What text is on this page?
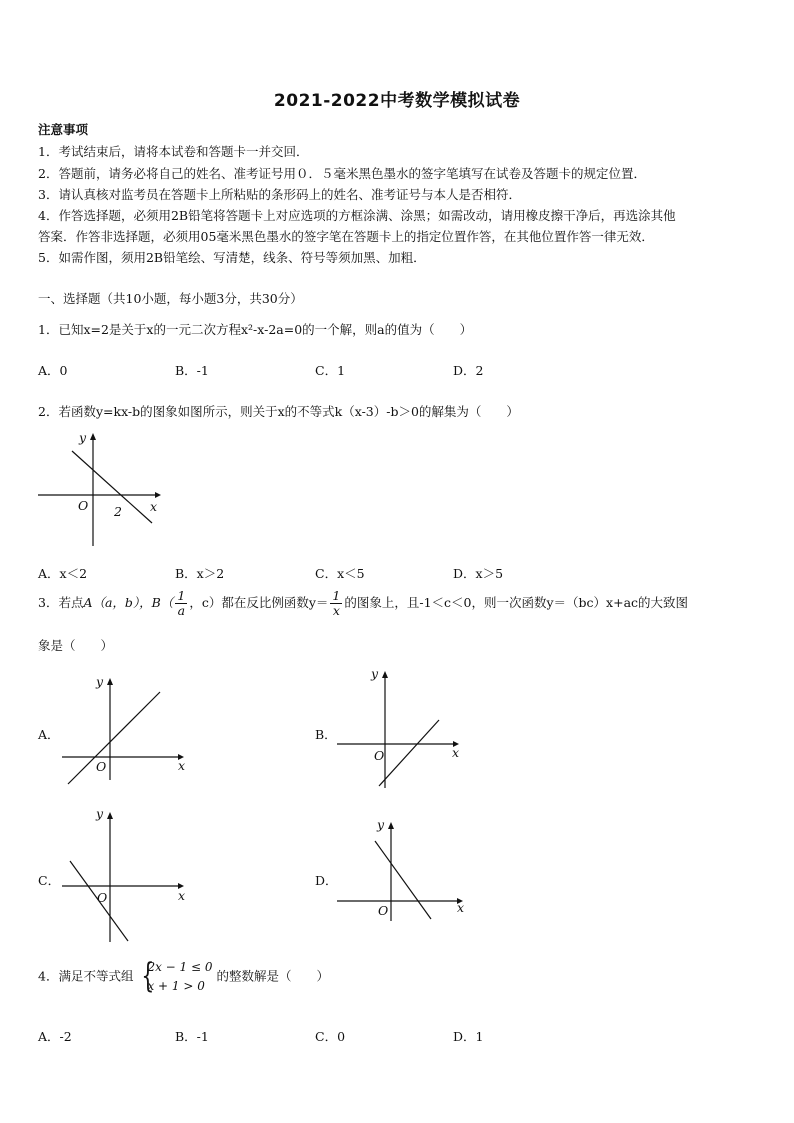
2021-2022中考数学模拟试卷
注意事项
1．考试结束后，请将本试卷和答题卡一并交回．
2．答题前，请务必将自己的姓名、准考证号用０．５毫米黑色墨水的签字笔填写在试卷及答题卡的规定位置．
3．请认真核对监考员在答题卡上所粘贴的条形码上的姓名、准考证号与本人是否相符．
4．作答选择题，必须用2B铅笔将答题卡上对应选项的方框涂满、涂黑；如需改动，请用橡皮擦干净后，再选涂其他
答案．作答非选择题，必须用05毫米黑色墨水的签字笔在答题卡上的指定位置作答，在其他位置作答一律无效．
5．如需作图，须用2B铅笔绘、写清楚，线条、符号等须加黑、加粗．
一、选择题（共10小题，每小题3分，共30分）
1．已知x=2是关于x的一元二次方程x²-x-2a=0的一个解，则a的值为（　　）
A．0	B．-1	C．1	D．2
2．若函数y=kx-b的图象如图所示，则关于x的不等式k（x-3）-b＞0的解集为（　　）
y
x
O 2
A．x＜2	B．x＞2	C．x＜5	D．x＞5
3．若点A（a，b），$B( \frac{1}{a}$ ，c）都在反比例函数$y= \frac{1}{x}$ 的图象上，且-1＜c＜0，则一次函数y＝（bc）x+ac的大致图
象是（　　）
A．
y
x
O
B．
y
x
O
C．
y
x
O
D．
y
x
O
4．满足不等式组 {
2x − 1 ≤ 0
x + 1 > 0
的整数解是（　　）
A．-2	B．-1	C．0	D．1
